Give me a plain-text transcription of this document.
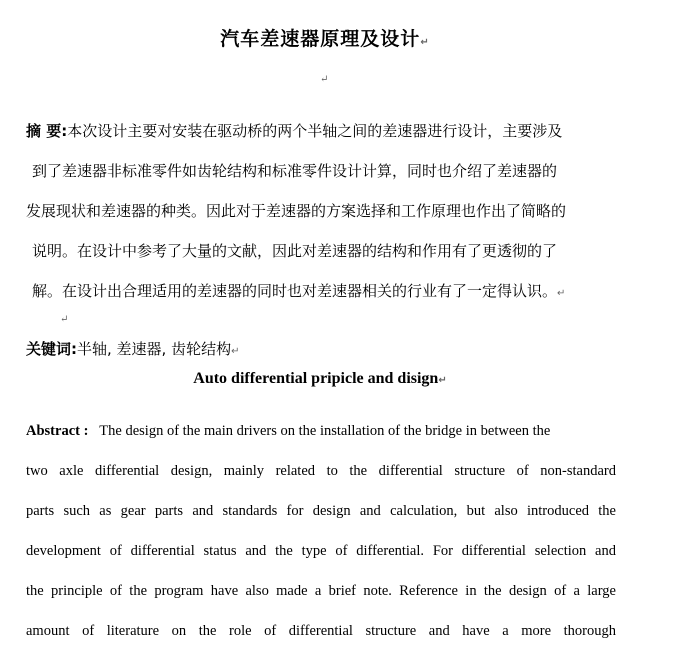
汽车差速器原理及设计↵
↵
摘 要:本次设计主要对安装在驱动桥的两个半轴之间的差速器进行设计，主要涉及
到了差速器非标准零件如齿轮结构和标准零件设计计算，同时也介绍了差速器的
发展现状和差速器的种类。因此对于差速器的方案选择和工作原理也作出了简略的
说明。在设计中参考了大量的文献，因此对差速器的结构和作用有了更透彻的了
解。在设计出合理适用的差速器的同时也对差速器相关的行业有了一定得认识。↵
↵
关键词:半轴, 差速器, 齿轮结构↵
Auto differential pripicle and disign↵
Abstract : The design of the main drivers on the installation of the bridge in between the
two axle differential design, mainly related to the differential structure of non-standard
parts such as gear parts and standards for design and calculation, but also introduced the
development of differential status and the type of differential. For differential selection and
the principle of the program have also made a brief note. Reference in the design of a large
amount of literature on the role of differential structure and have a more thorough
